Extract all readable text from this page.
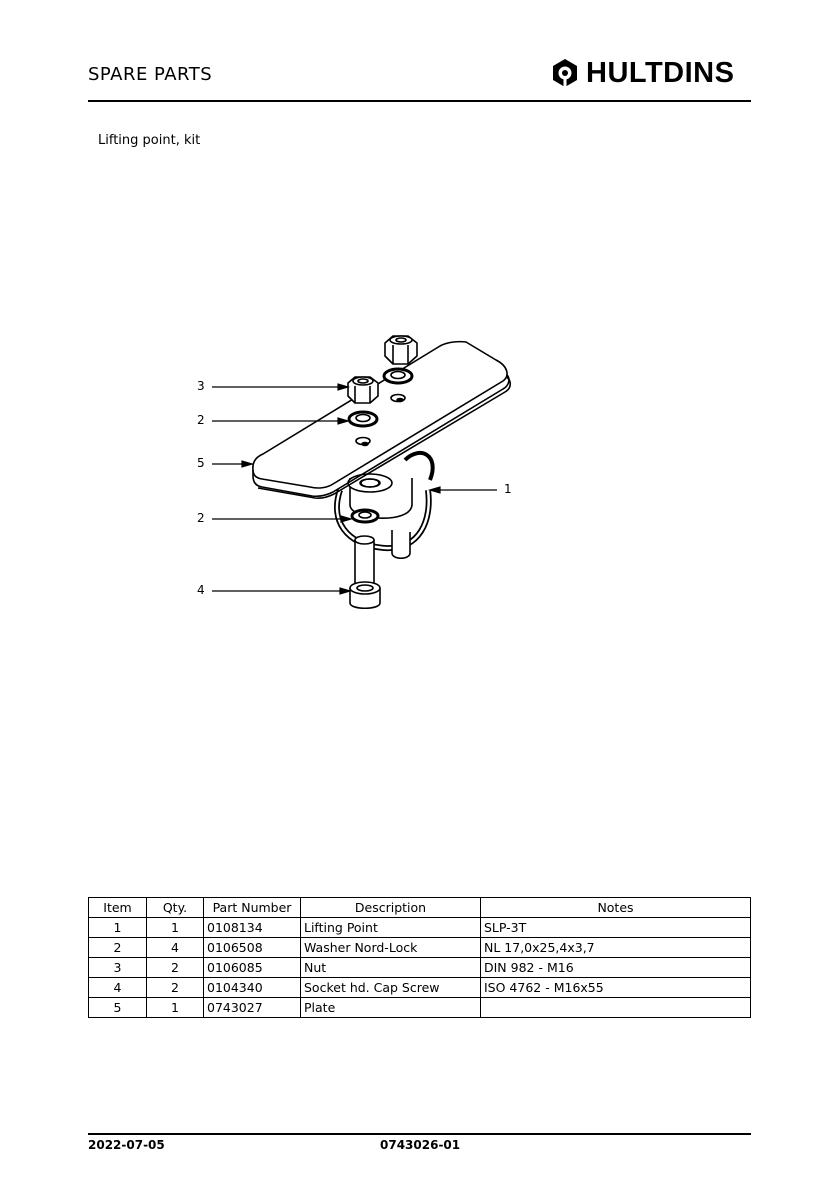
SPARE PARTS	HULTDINS
Lifting point, kit
3
2
5
2
4
1
Item	Qty.	Part Number	Description	Notes
1	1	0108134	Lifting Point	SLP-3T
2	4	0106508	Washer Nord-Lock	NL 17,0x25,4x3,7
3	2	0106085	Nut	DIN 982 - M16
4	2	0104340	Socket hd. Cap Screw	ISO 4762 - M16x55
5	1	0743027	Plate	
2022-07-05	0743026-01
